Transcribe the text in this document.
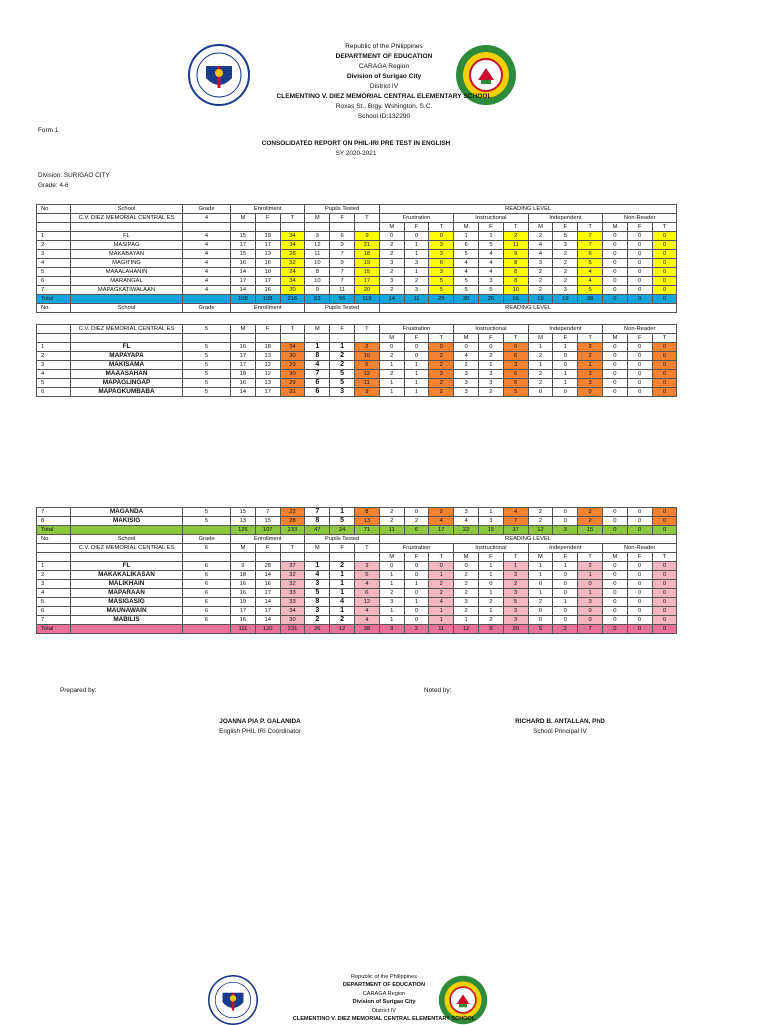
Republic of the Philippines
DEPARTMENT OF EDUCATION
CARAGA Region
Division of Surigao City
District IV
CLEMENTINO V. DIEZ MEMORIAL CENTRAL ELEMENTARY SCHOOL
Roxas St., Brgy. Wshington, S.C.
School ID:132290
Form 1
CONSOLIDATED REPORT ON PHIL-IRI PRE TEST IN ENGLISH
SY 2020-2021
Division: SURIGAO CITY
Grade: 4-6
No.	School	Grade	Enrollment			Pupils Tested			READING LEVEL											
	C.V. DIEZ MEMORIAL CENTRAL ES	4	M	F	T	M	F	T	Frustration			Instructional			Independent			Non-Reader		
									M	F	T	M	F	T	M	F	T	M	F	T
1	FL	4	15	19	34	3	6	9	0	0	0	1	1	2	2	5	7	0	0	0
2	MASIPAG	4	17	17	34	12	9	21	2	1	3	6	5	11	4	3	7	0	0	0
3	MAKABAYAN	4	15	13	28	11	7	18	2	1	3	5	4	9	4	2	6	0	0	0
4	MAGITING	4	16	16	32	10	9	19	3	3	6	4	4	8	3	2	5	0	0	0
5	MAAALAHANIN	4	14	10	24	8	7	15	2	1	3	4	4	8	2	2	4	0	0	0
6	MARANGAL	4	17	17	34	10	7	17	3	2	5	5	3	8	2	2	4	0	0	0
7	MAPAGKATIWALAAN	4	14	16	30	9	11	20	2	3	5	5	5	10	2	3	5	0	0	0
Total			108	108	216	63	56	119	14	11	25	30	26	56	19	19	38	0	0	0
No.	School	Grade	Enrollment			Pupils Tested			READING LEVEL											
	C.V. DIEZ MEMORIAL CENTRAL ES	5	M	F	T	M	F	T	Frustration			Instructional			Independent			Non-Reader		
									M	F	T	M	F	T	M	F	T	M	F	T
1	FL	5	16	18	34	1	1	2	0	0	0	0	0	0	1	1	2	0	0	0
2	MAPAYAPA	5	17	13	30	8	2	10	2	0	2	4	2	6	2	0	2	0	0	0
3	MAKISAMA	5	17	12	29	4	2	6	1	1	2	2	1	3	1	0	1	0	0	0
4	MAAASAHAN	5	18	12	30	7	5	12	2	1	3	3	3	6	2	1	3	0	0	0
5	MAPAGLINGAP	5	16	13	29	6	5	11	1	1	2	3	3	6	2	1	3	0	0	0
6	MAPAGKUMBABA	5	14	17	31	6	3	9	1	1	2	3	2	5	0	0	0	0	0	0
7	MAGANDA	5	15	7	22	7	1	8	2	0	2	3	1	4	2	0	2	0	0	0
8	MAKISIG	5	13	15	28	8	5	13	2	2	4	4	3	7	2	0	2	0	0	0
Total			126	107	233	47	24	71	11	6	17	22	15	37	12	3	15	0	0	0
No.	School	Grade	Enrollment			Pupils Tested			READING LEVEL											
	C.V. DIEZ MEMORIAL CENTRAL ES	6	M	F	T	M	F	T	Frustration			Instructional			Independent			Non-Reader		
									M	F	T	M	F	T	M	F	T	M	F	T
1	FL	6	9	28	37	1	2	3	0	0	0	0	1	1	1	1	2	0	0	0
2	MAKAKALIKASAN	6	18	14	32	4	1	5	1	0	1	2	1	3	1	0	1	0	0	0
3	MALIKHAIN	6	16	16	32	3	1	4	1	1	2	2	0	2	0	0	0	0	0	0
4	MAPARAAN	6	16	17	33	5	1	6	2	0	2	2	1	3	1	0	1	0	0	0
5	MASIGASIG	6	19	14	33	8	4	12	3	1	4	3	2	5	2	1	3	0	0	0
6	MAUNAWAIN	6	17	17	34	3	1	4	1	0	1	2	1	3	0	0	0	0	0	0
7	MABILIS	6	16	14	30	2	2	4	1	0	1	1	2	3	0	0	0	0	0	0
Total			111	120	231	26	12	38	9	2	11	12	8	20	5	2	7	0	0	0
Prepared by:	Noted by:
JOANNA PIA P. GALANIDA
English PHIL IRI Coordinator
RICHARD B. ANTALLAN, PhD
School Principal IV
Republic of the Philippines
DEPARTMENT OF EDUCATION
CARAGA Region
Division of Surigao City
District IV
CLEMENTINO V. DIEZ MEMORIAL CENTRAL ELEMENTARY SCHOOL
